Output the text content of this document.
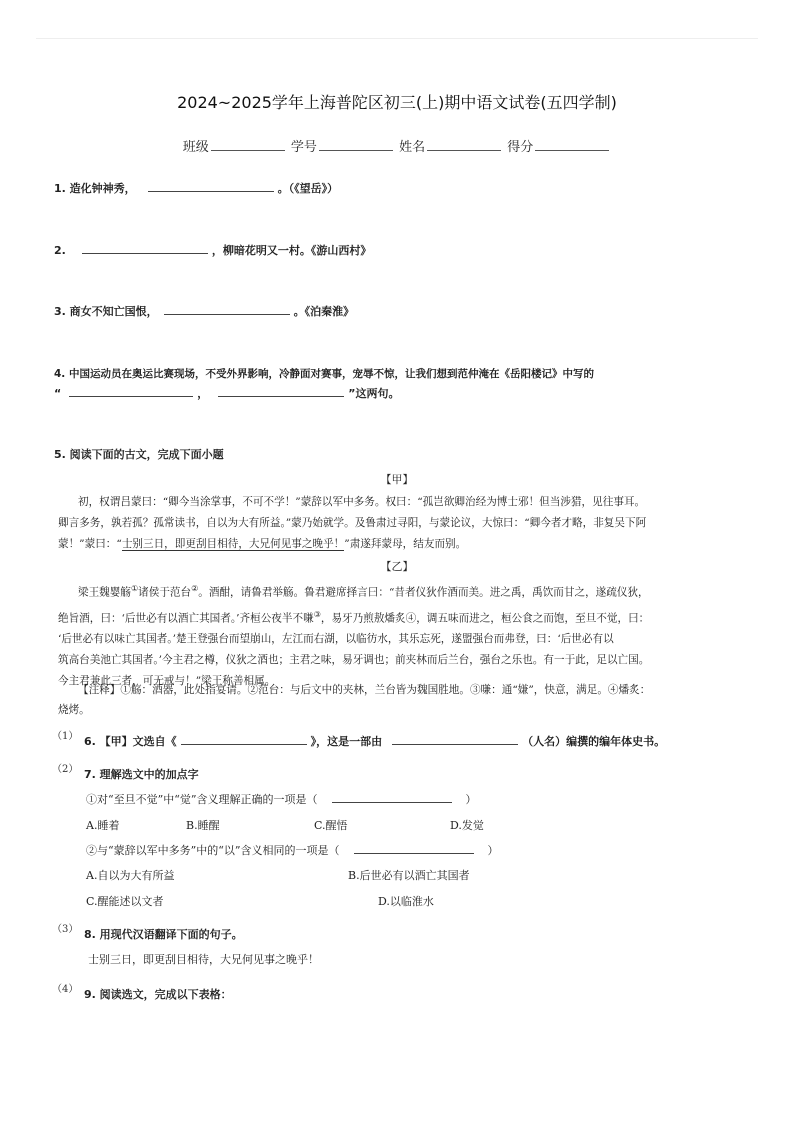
2024~2025学年上海普陀区初三(上)期中语文试卷(五四学制)
班级	学号	姓名	得分
1. 造化钟神秀，	。（《望岳》）
2.	，柳暗花明又一村。《游山西村》
3. 商女不知亡国恨，	。《泊秦淮》
4. 中国运动员在奥运比赛现场，不受外界影响，冷静面对赛事，宠辱不惊，让我们想到范仲淹在《岳阳楼记》中写的
“	，	”这两句。
5. 阅读下面的古文，完成下面小题
【甲】
初，权谓吕蒙曰：“卿今当涂掌事，不可不学！”蒙辞以军中多务。权曰：“孤岂欲卿治经为博士邪！但当涉猎，见往事耳。
卿言多务，孰若孤？孤常读书，自以为大有所益。”蒙乃始就学。及鲁肃过寻阳，与蒙论议，大惊曰：“卿今者才略，非复吴下阿
蒙！”蒙曰：“士别三日，即更刮目相待，大兄何见事之晚乎！”肃遂拜蒙母，结友而别。
【乙】
梁王魏婴觞①诸侯于范台②。酒酣，请鲁君举觞。鲁君避席择言曰：“昔者仪狄作酒而美。进之禹，禹饮而甘之，遂疏仪狄，
绝旨酒，曰：‘后世必有以酒亡其国者。’齐桓公夜半不嗛③，易牙乃煎敖燔炙④，调五味而进之，桓公食之而饱，至旦不觉，曰：
‘后世必有以味亡其国者。’楚王登强台而望崩山，左江而右湖，以临彷水，其乐忘死，遂盟强台而弗登，曰：‘后世必有以
筑高台美池亡其国者。’今主君之樽，仪狄之酒也；主君之味，易牙调也；前夹林而后兰台，强台之乐也。有一于此，足以亡国。
今主君兼此三者，可无戒与！”梁王称善相属。
【注释】①觞：酒器，此处指宴请。②范台：与后文中的夹林，兰台皆为魏国胜地。③嗛：通“嫌”，快意，满足。④燔炙：
烧烤。
（1） 6. 【甲】文选自《	》，这是一部由	（人名）编撰的编年体史书。
（2） 7. 理解选文中的加点字
①对“至旦不觉”中“觉”含义理解正确的一项是（	）
A.睡着	B.睡醒	C.醒悟	D.发觉
②与“蒙辞以军中多务”中的“以”含义相同的一项是（	）
A.自以为大有所益	B.后世必有以酒亡其国者
C.醒能述以文者	D.以临淮水
（3） 8. 用现代汉语翻译下面的句子。
士别三日，即更刮目相待，大兄何见事之晚乎！
（4） 9. 阅读选文，完成以下表格：
